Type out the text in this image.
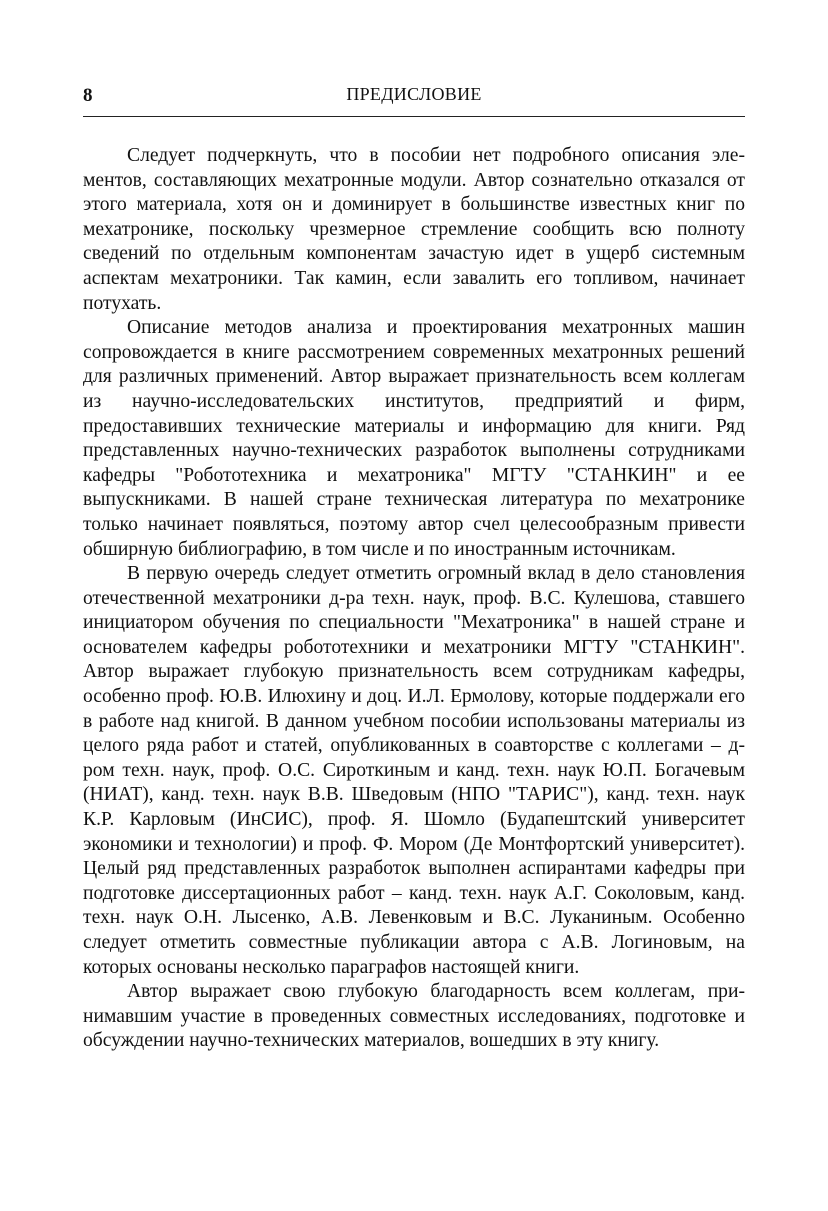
8	ПРЕДИСЛОВИЕ

Следует подчеркнуть, что в пособии нет подробного описания элементов, составляющих мехатронные модули. Автор сознательно отказался от этого материала, хотя он и доминирует в большинстве известных книг по мехатронике, поскольку чрезмерное стремление сообщить всю полноту сведений по отдельным компонентам зачастую идет в ущерб системным аспектам мехатроники. Так камин, если завалить его топливом, начинает потухать.

Описание методов анализа и проектирования мехатронных машин сопровождается в книге рассмотрением современных мехатронных решений для различных применений. Автор выражает признательность всем коллегам из научно-исследовательских институтов, предприятий и фирм, предоставивших технические материалы и информацию для книги. Ряд представленных научно-технических разработок выполнены сотрудниками кафедры "Робототехника и мехатроника" МГТУ "СТАНКИН" и ее выпускниками. В нашей стране техническая литература по мехатронике только начинает появляться, поэтому автор счел целесообразным привести обширную библиографию, в том числе и по иностранным источникам.

В первую очередь следует отметить огромный вклад в дело становления отечественной мехатроники д-ра техн. наук, проф. В.С. Кулешова, ставшего инициатором обучения по специальности "Мехатроника" в нашей стране и основателем кафедры робототехники и мехатроники МГТУ "СТАНКИН". Автор выражает глубокую признательность всем сотрудникам кафедры, особенно проф. Ю.В. Илюхину и доц. И.Л. Ермолову, которые поддержали его в работе над книгой. В данном учебном пособии использованы материалы из целого ряда работ и статей, опубликованных в соавторстве с коллегами – д-ром техн. наук, проф. О.С. Сироткиным и канд. техн. наук Ю.П. Богачевым (НИАТ), канд. техн. наук В.В. Шведовым (НПО "ТАРИС"), канд. техн. наук К.Р. Карловым (ИнСИС), проф. Я. Шомло (Будапештский университет экономики и технологии) и проф. Ф. Мором (Де Монтфортский университет). Целый ряд представленных разработок выполнен аспирантами кафедры при подготовке диссертационных работ – канд. техн. наук А.Г. Соколовым, канд. техн. наук О.Н. Лысенко, А.В. Левенковым и В.С. Луканиным. Особенно следует отметить совместные публикации автора с А.В. Логиновым, на которых основаны несколько параграфов настоящей книги.

Автор выражает свою глубокую благодарность всем коллегам, принимавшим участие в проведенных совместных исследованиях, подготовке и обсуждении научно-технических материалов, вошедших в эту книгу.
